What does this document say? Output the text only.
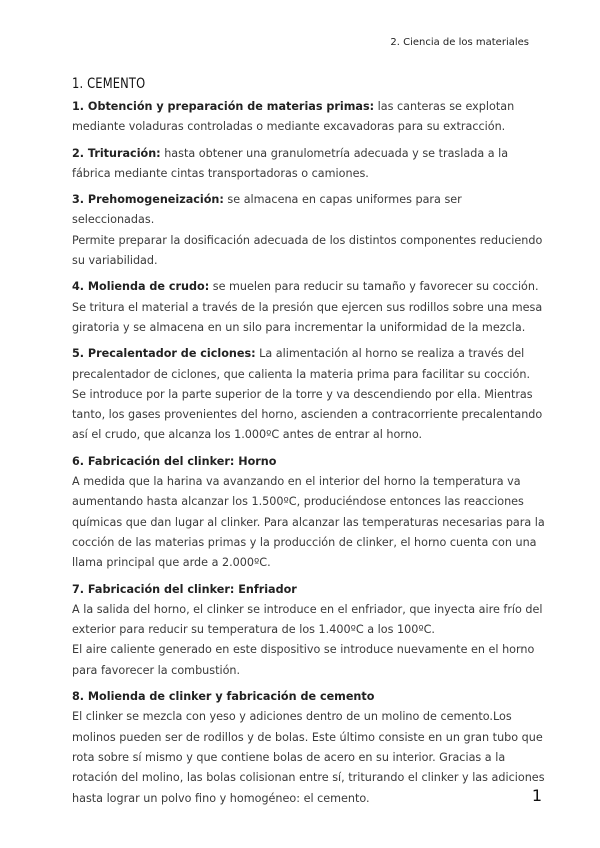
2. Ciencia de los materiales
1. CEMENTO

1. Obtención y preparación de materias primas: las canteras se explotan mediante voladuras controladas o mediante excavadoras para su extracción.

2. Trituración: hasta obtener una granulometría adecuada y se traslada a la fábrica mediante cintas transportadoras o camiones.

3. Prehomogeneización: se almacena en capas uniformes para ser seleccionadas.

Permite preparar la dosificación adecuada de los distintos componentes reduciendo su variabilidad.

4. Molienda de crudo: se muelen para reducir su tamaño y favorecer su cocción.

Se tritura el material a través de la presión que ejercen sus rodillos sobre una mesa giratoria y se almacena en un silo para incrementar la uniformidad de la mezcla.

5. Precalentador de ciclones: La alimentación al horno se realiza a través del precalentador de ciclones, que calienta la materia prima para facilitar su cocción.

Se introduce por la parte superior de la torre y va descendiendo por ella. Mientras tanto, los gases provenientes del horno, ascienden a contracorriente precalentando así el crudo, que alcanza los 1.000ºC antes de entrar al horno.

6. Fabricación del clinker: Horno

A medida que la harina va avanzando en el interior del horno la temperatura va aumentando hasta alcanzar los 1.500ºC, produciéndose entonces las reacciones químicas que dan lugar al clinker. Para alcanzar las temperaturas necesarias para la cocción de las materias primas y la producción de clinker, el horno cuenta con una llama principal que arde a 2.000ºC.

7. Fabricación del clinker: Enfriador

A la salida del horno, el clinker se introduce en el enfriador, que inyecta aire frío del exterior para reducir su temperatura de los 1.400ºC a los 100ºC.

El aire caliente generado en este dispositivo se introduce nuevamente en el horno para favorecer la combustión.

8. Molienda de clinker y fabricación de cemento

El clinker se mezcla con yeso y adiciones dentro de un molino de cemento.Los molinos pueden ser de rodillos y de bolas. Este último consiste en un gran tubo que rota sobre sí mismo y que contiene bolas de acero en su interior. Gracias a la rotación del molino, las bolas colisionan entre sí, triturando el clinker y las adiciones hasta lograr un polvo fino y homogéneo: el cemento.	1
